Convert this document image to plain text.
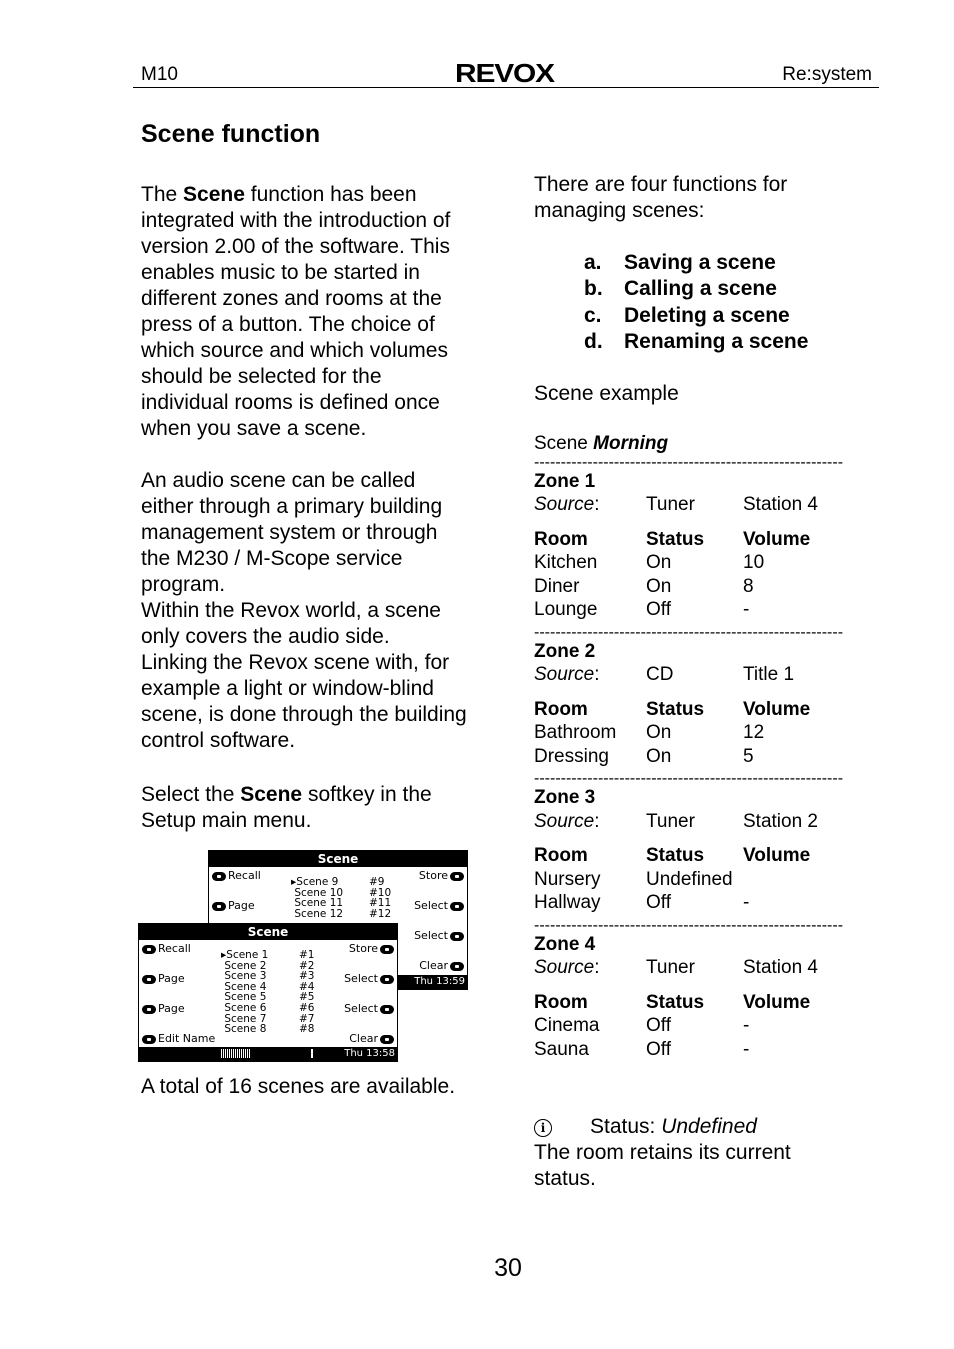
M10	REVOX	Re:system
Scene function
The Scene function has been
integrated with the introduction of
version 2.00 of the software. This
enables music to be started in
different zones and rooms at the
press of a button. The choice of
which source and which volumes
should be selected for the
individual rooms is defined once
when you save a scene.
An audio scene can be called
either through a primary building
management system or through
the M230 / M-Scope service
program.
Within the Revox world, a scene
only covers the audio side.
Linking the Revox scene with, for
example a light or window-blind
scene, is done through the building
control software.
Select the Scene softkey in the
Setup main menu.
Scene
Recall
Page
Store
Select
Select
Clear
▸Scene 9	#9
Scene 10	#10
Scene 11	#11
Scene 12	#12
Thu 13:59
Scene
Recall
Page
Page
Edit Name
Store
Select
Select
Clear
▸Scene 1	#1
Scene 2	#2
Scene 3	#3
Scene 4	#4
Scene 5	#5
Scene 6	#6
Scene 7	#7
Scene 8	#8
Thu 13:58
A total of 16 scenes are available.
There are four functions for
managing scenes:
a.	Saving a scene
b.	Calling a scene
c.	Deleting a scene
d.	Renaming a scene
Scene example
Scene Morning
----------------------------------------------------------
Zone 1
Source:	Tuner	Station 4
Room	Status	Volume
Kitchen	On	10
Diner	On	8
Lounge	Off	-
----------------------------------------------------------
Zone 2
Source:	CD	Title 1
Room	Status	Volume
Bathroom	On	12
Dressing	On	5
----------------------------------------------------------
Zone 3
Source:	Tuner	Station 2
Room	Status	Volume
Nursery	Undefined
Hallway	Off	-
----------------------------------------------------------
Zone 4
Source:	Tuner	Station 4
Room	Status	Volume
Cinema	Off	-
Sauna	Off	-
i Status: Undefined
The room retains its current
status.
30
